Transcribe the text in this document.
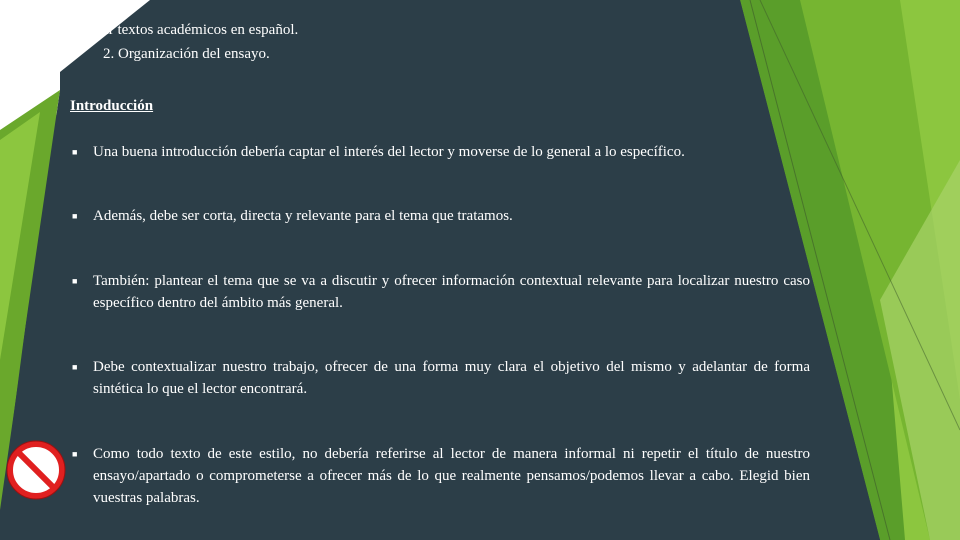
Cómo redactar textos académicos en español.
2. Organización del ensayo.
Introducción
■	Una buena introducción debería captar el interés del lector y moverse de lo general a lo específico.
■	Además, debe ser corta, directa y relevante para el tema que tratamos.
■	También: plantear el tema que se va a discutir y ofrecer información contextual relevante para localizar nuestro caso específico dentro del ámbito más general.
■	Debe contextualizar nuestro trabajo, ofrecer de una forma muy clara el objetivo del mismo y adelantar de forma sintética lo que el lector encontrará.
■	Como todo texto de este estilo, no debería referirse al lector de manera informal ni repetir el título de nuestro ensayo/apartado o comprometerse a ofrecer más de lo que realmente pensamos/podemos llevar a cabo. Elegid bien vuestras palabras.
